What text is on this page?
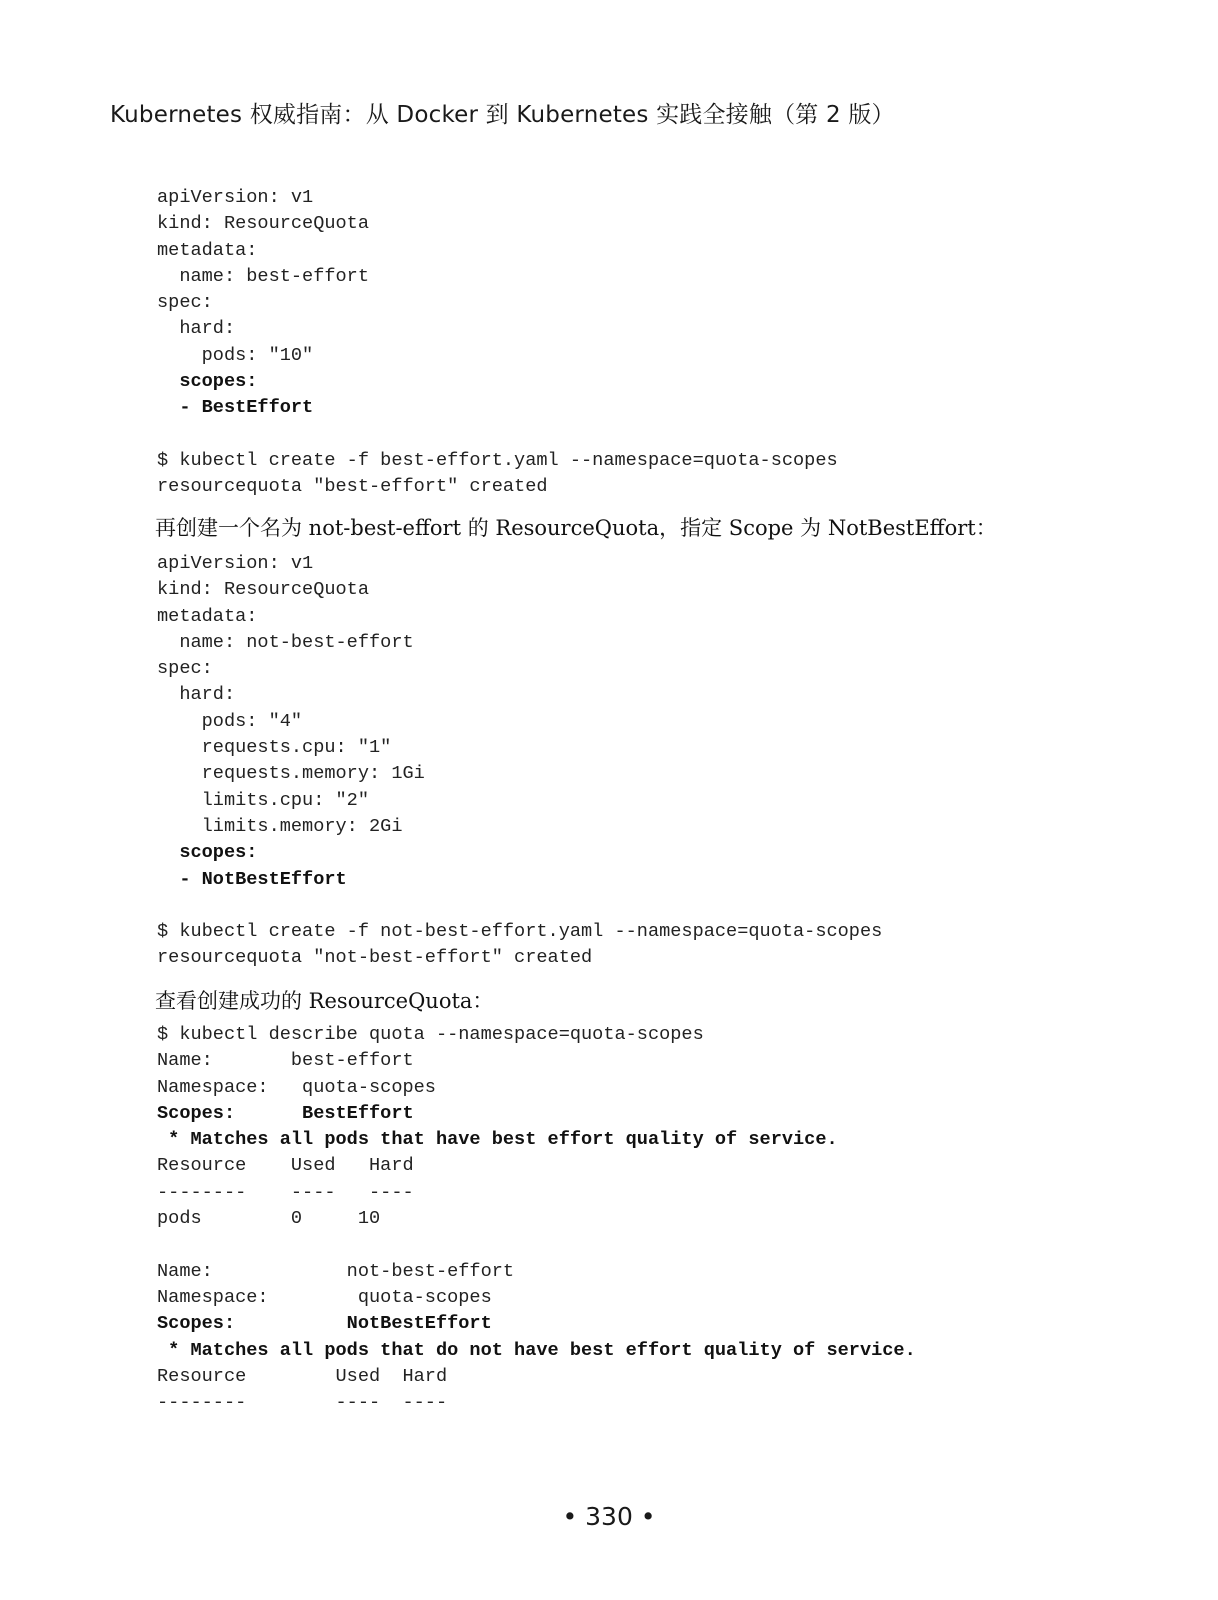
Kubernetes 权威指南：从 Docker 到 Kubernetes 实践全接触（第 2 版）
apiVersion: v1
kind: ResourceQuota
metadata:
name: best-effort
spec:
hard:
pods: "10"
scopes:
- BestEffort

$ kubectl create -f best-effort.yaml --namespace=quota-scopes
resourcequota "best-effort" created
再创建一个名为 not-best-effort 的 ResourceQuota，指定 Scope 为 NotBestEffort：
apiVersion: v1
kind: ResourceQuota
metadata:
name: not-best-effort
spec:
hard:
pods: "4"
requests.cpu: "1"
requests.memory: 1Gi
limits.cpu: "2"
limits.memory: 2Gi
scopes:
- NotBestEffort

$ kubectl create -f not-best-effort.yaml --namespace=quota-scopes
resourcequota "not-best-effort" created
查看创建成功的 ResourceQuota：
$ kubectl describe quota --namespace=quota-scopes
Name:       best-effort
Namespace:   quota-scopes
Scopes:      BestEffort
* Matches all pods that have best effort quality of service.
Resource    Used   Hard
--------    ----   ----
pods        0     10

Name:            not-best-effort
Namespace:        quota-scopes
Scopes:          NotBestEffort
* Matches all pods that do not have best effort quality of service.
Resource        Used  Hard
--------        ----  ----
• 330 •
